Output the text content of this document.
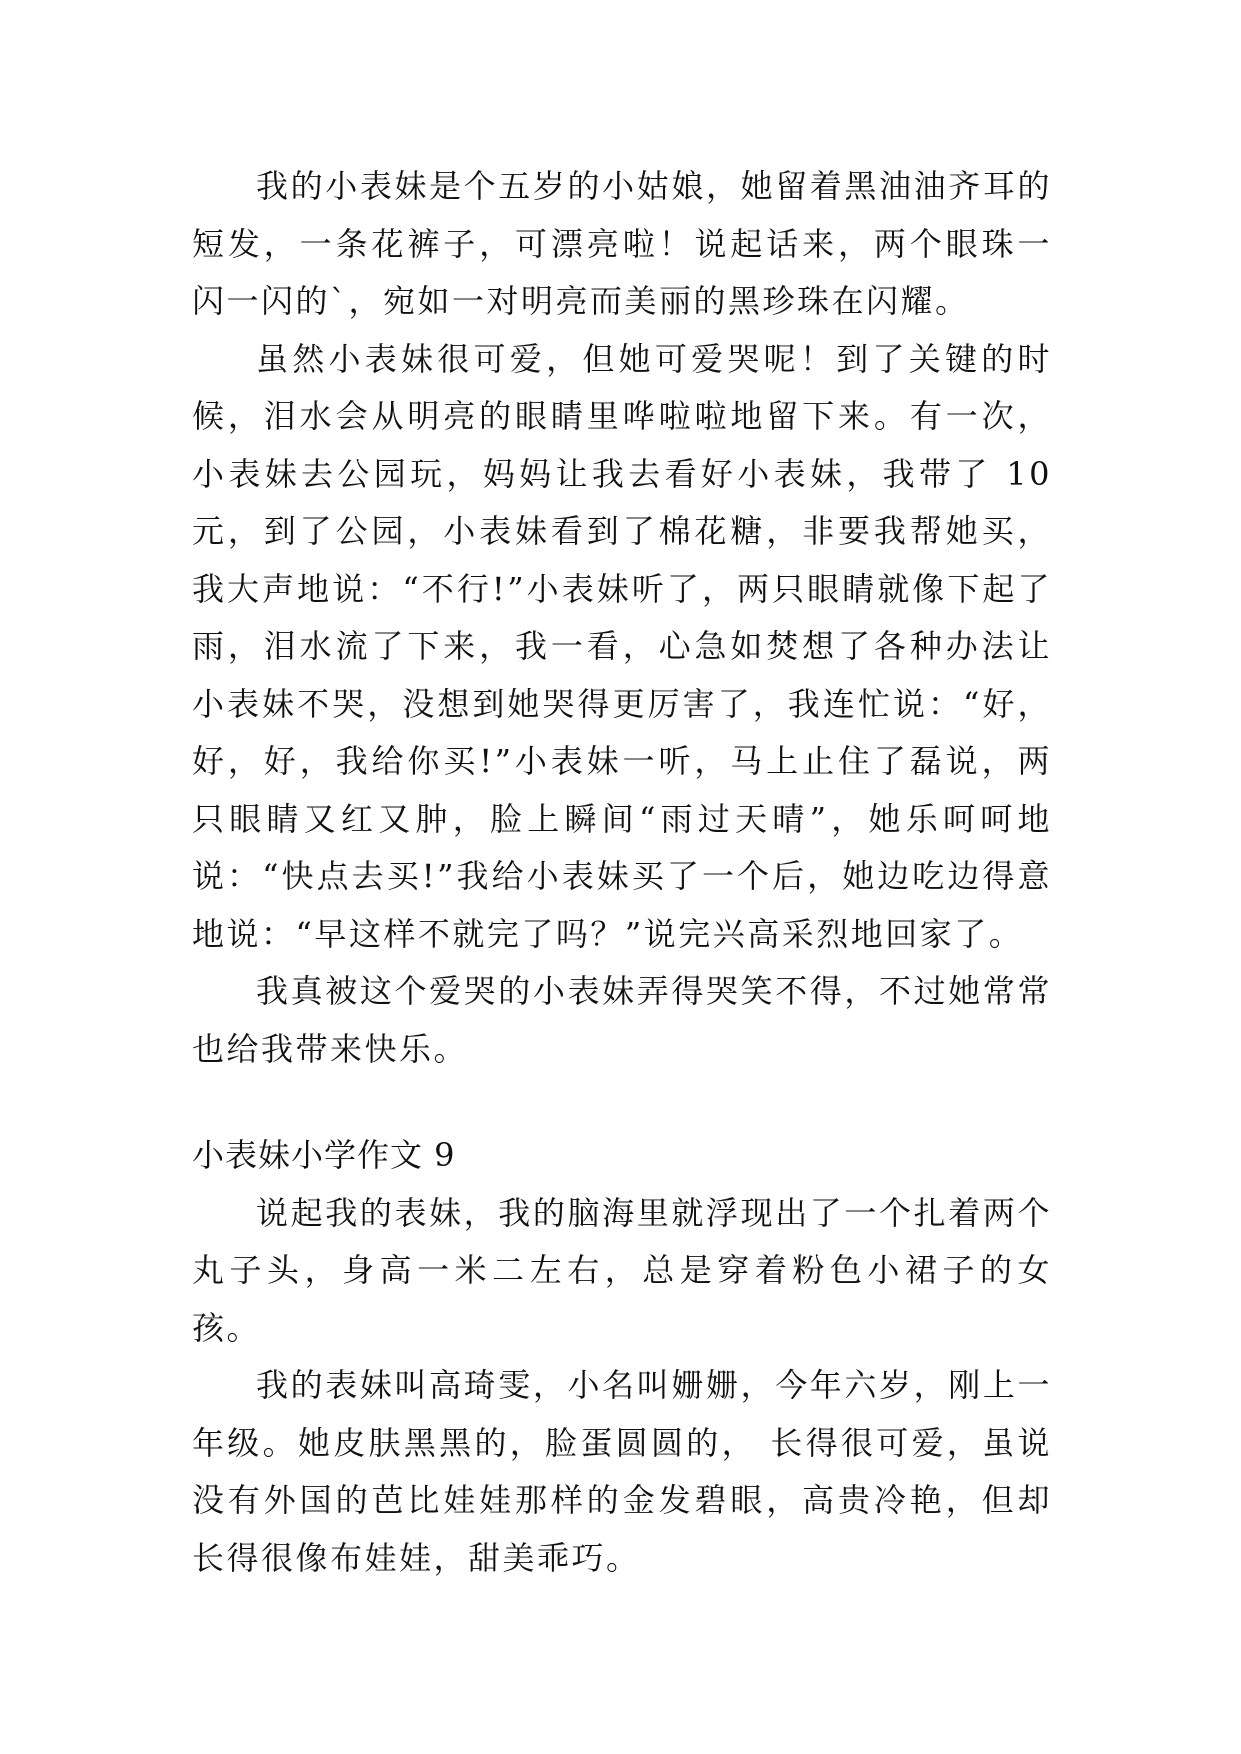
我的小表妹是个五岁的小姑娘，她留着黑油油齐耳的短发，一条花裤子，可漂亮啦！说起话来，两个眼珠一闪一闪的`，宛如一对明亮而美丽的黑珍珠在闪耀。

虽然小表妹很可爱，但她可爱哭呢！到了关键的时候，泪水会从明亮的眼睛里哗啦啦地留下来。有一次，小表妹去公园玩，妈妈让我去看好小表妹，我带了 10 元，到了公园，小表妹看到了棉花糖，非要我帮她买，我大声地说：“不行!”小表妹听了，两只眼睛就像下起了雨，泪水流了下来，我一看，心急如焚想了各种办法让小表妹不哭，没想到她哭得更厉害了，我连忙说：“好，好，好，我给你买!”小表妹一听，马上止住了磊说，两只眼睛又红又肿，脸上瞬间“雨过天晴”，她乐呵呵地说：“快点去买!”我给小表妹买了一个后，她边吃边得意地说：“早这样不就完了吗？”说完兴高采烈地回家了。

我真被这个爱哭的小表妹弄得哭笑不得，不过她常常也给我带来快乐。

小表妹小学作文 9

说起我的表妹，我的脑海里就浮现出了一个扎着两个丸子头，身高一米二左右，总是穿着粉色小裙子的女孩。

我的表妹叫高琦雯，小名叫姗姗，今年六岁，刚上一年级。她皮肤黑黑的，脸蛋圆圆的， 长得很可爱，虽说没有外国的芭比娃娃那样的金发碧眼，高贵冷艳，但却长得很像布娃娃，甜美乖巧。
